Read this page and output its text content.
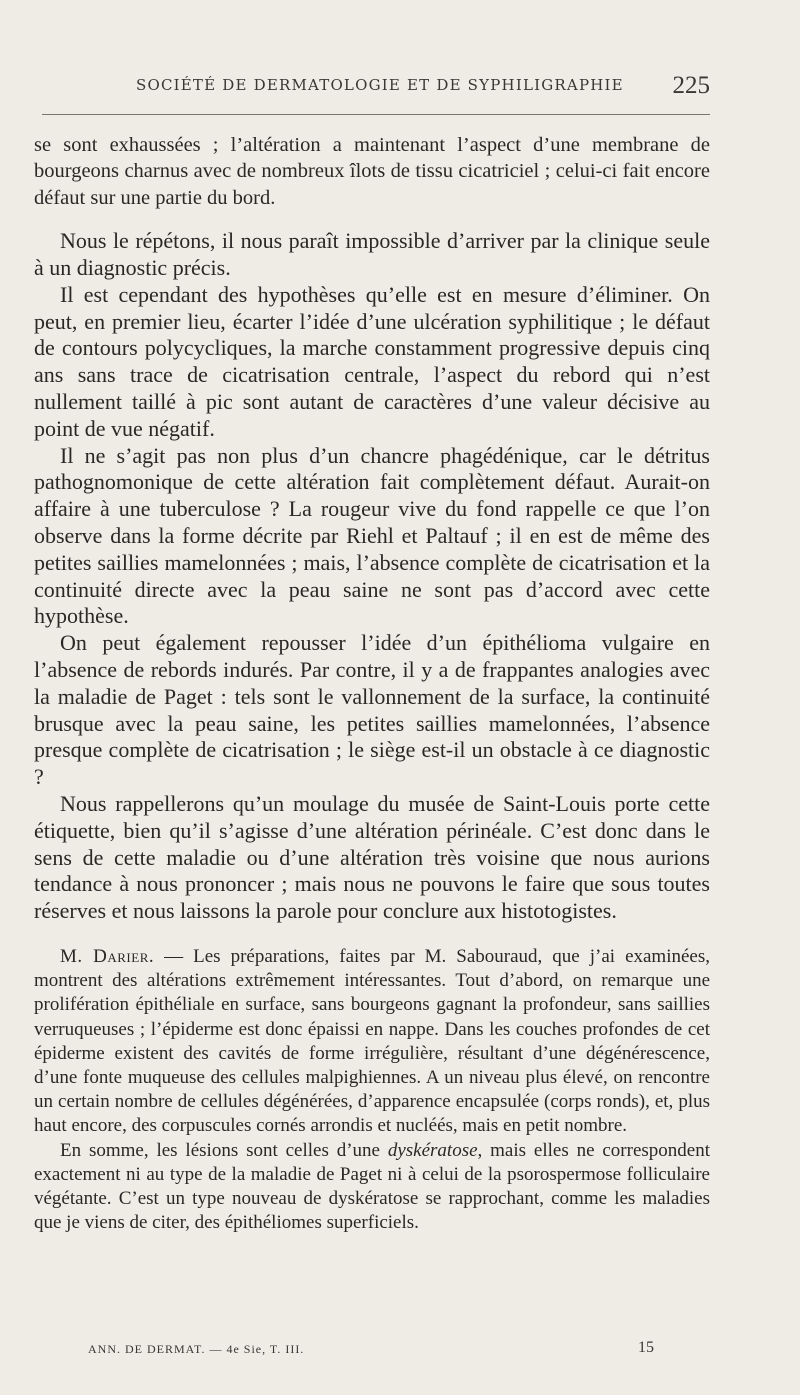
SOCIÉTÉ DE DERMATOLOGIE ET DE SYPHILIGRAPHIE 225

se sont exhaussées ; l’altération a maintenant l’aspect d’une membrane de bourgeons charnus avec de nombreux îlots de tissu cicatriciel ; celui-ci fait encore défaut sur une partie du bord.

Nous le répétons, il nous paraît impossible d’arriver par la clinique seule à un diagnostic précis.

Il est cependant des hypothèses qu’elle est en mesure d’éliminer. On peut, en premier lieu, écarter l’idée d’une ulcération syphilitique ; le défaut de contours polycycliques, la marche constamment progressive depuis cinq ans sans trace de cicatrisation centrale, l’aspect du rebord qui n’est nullement taillé à pic sont autant de caractères d’une valeur décisive au point de vue négatif.

Il ne s’agit pas non plus d’un chancre phagédénique, car le détritus pathognomonique de cette altération fait complètement défaut. Aurait-on affaire à une tuberculose ? La rougeur vive du fond rappelle ce que l’on observe dans la forme décrite par Riehl et Paltauf ; il en est de même des petites saillies mamelonnées ; mais, l’absence complète de cicatrisation et la continuité directe avec la peau saine ne sont pas d’accord avec cette hypothèse.

On peut également repousser l’idée d’un épithélioma vulgaire en l’absence de rebords indurés. Par contre, il y a de frappantes analogies avec la maladie de Paget : tels sont le vallonnement de la surface, la continuité brusque avec la peau saine, les petites saillies mamelonnées, l’absence presque complète de cicatrisation ; le siège est-il un obstacle à ce diagnostic ?

Nous rappellerons qu’un moulage du musée de Saint-Louis porte cette étiquette, bien qu’il s’agisse d’une altération périnéale. C’est donc dans le sens de cette maladie ou d’une altération très voisine que nous aurions tendance à nous prononcer ; mais nous ne pouvons le faire que sous toutes réserves et nous laissons la parole pour conclure aux histotogistes.

M. Darier. — Les préparations, faites par M. Sabouraud, que j’ai examinées, montrent des altérations extrêmement intéressantes. Tout d’abord, on remarque une prolifération épithéliale en surface, sans bourgeons gagnant la profondeur, sans saillies verruqueuses ; l’épiderme est donc épaissi en nappe. Dans les couches profondes de cet épiderme existent des cavités de forme irrégulière, résultant d’une dégénérescence, d’une fonte muqueuse des cellules malpighiennes. A un niveau plus élevé, on rencontre un certain nombre de cellules dégénérées, d’apparence encapsulée (corps ronds), et, plus haut encore, des corpuscules cornés arrondis et nucléés, mais en petit nombre.

En somme, les lésions sont celles d’une dyskératose, mais elles ne correspondent exactement ni au type de la maladie de Paget ni à celui de la psorospermose folliculaire végétante. C’est un type nouveau de dyskératose se rapprochant, comme les maladies que je viens de citer, des épithéliomes superficiels.

ANN. DE DERMAT. — 4e Sie, T. III.	15
